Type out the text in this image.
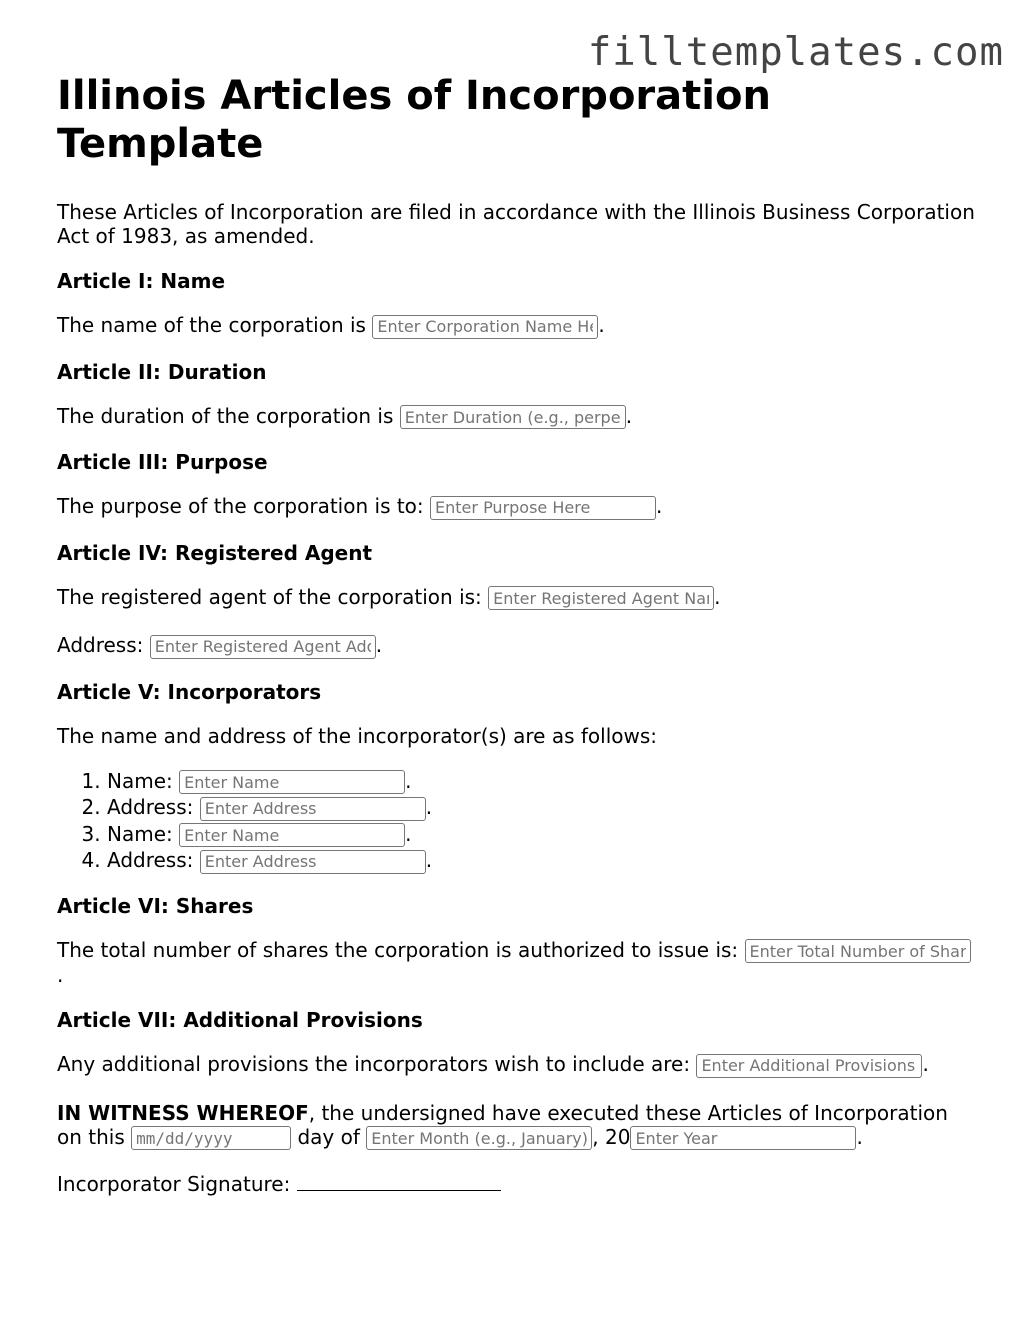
filltemplates.com
Illinois Articles of Incorporation Template

These Articles of Incorporation are filed in accordance with the Illinois Business Corporation Act of 1983, as amended.

Article I: Name

The name of the corporation is Enter Corporation Name Here	.

Article II: Duration

The duration of the corporation is Enter Duration (e.g., perpetual)	.

Article III: Purpose

The purpose of the corporation is to: Enter Purpose Here	.

Article IV: Registered Agent

The registered agent of the corporation is: Enter Registered Agent Name	.

Address: Enter Registered Agent Address	.

Article V: Incorporators

The name and address of the incorporator(s) are as follows:

1. Name: Enter Name	.
2. Address: Enter Address	.
3. Name: Enter Name	.
4. Address: Enter Address	.
Article VI: Shares

The total number of shares the corporation is authorized to issue is: Enter Total Number of Shares
.

Article VII: Additional Provisions

Any additional provisions the incorporators wish to include are: Enter Additional Provisions	.

IN WITNESS WHEREOF, the undersigned have executed these Articles of Incorporation on this mm/dd/yyyy	day of Enter Month (e.g., January)	, 20Enter Year	.

Incorporator Signature:
